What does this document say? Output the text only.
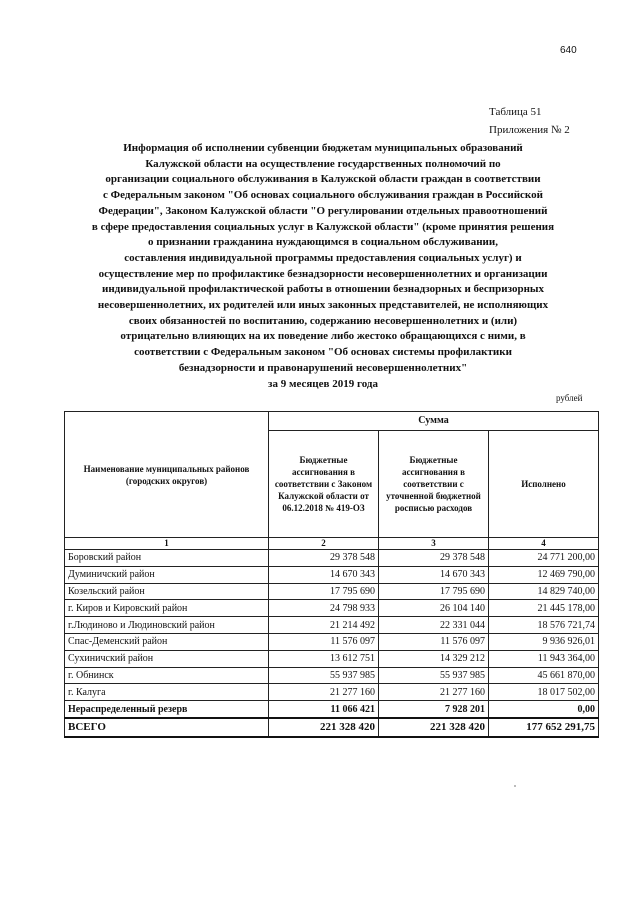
640
Таблица 51
Приложения № 2
Информация об исполнении субвенции бюджетам муниципальных образований
Калужской области на осуществление государственных полномочий по
организации социального обслуживания в Калужской области граждан в соответствии
с Федеральным законом "Об основах социального обслуживания граждан в Российской
Федерации", Законом Калужской области "О регулировании отдельных правоотношений
в сфере предоставления социальных услуг в Калужской области" (кроме принятия решения
о признании гражданина нуждающимся в социальном обслуживании,
составления индивидуальной программы предоставления социальных услуг) и
осуществление мер по профилактике безнадзорности несовершеннолетних и организации
индивидуальной профилактической работы в отношении безнадзорных и беспризорных
несовершеннолетних, их родителей или иных законных представителей, не исполняющих
своих обязанностей по воспитанию, содержанию несовершеннолетних и (или)
отрицательно влияющих на их поведение либо жестоко обращающихся с ними, в
соответствии с Федеральным законом "Об основах системы профилактики
безнадзорности и правонарушений несовершеннолетних"
за 9 месяцев 2019 года
рублей
Наименование муниципальных районов (городских округов)	Сумма		
	Бюджетные ассигнования в соответствии с Законом Калужской области от 06.12.2018 № 419-ОЗ	Бюджетные ассигнования в соответствии с уточненной бюджетной росписью расходов	Исполнено
1	2	3	4
Боровский район	29 378 548	29 378 548	24 771 200,00
Думиничский район	14 670 343	14 670 343	12 469 790,00
Козельский район	17 795 690	17 795 690	14 829 740,00
г. Киров и Кировский район	24 798 933	26 104 140	21 445 178,00
г.Людиново и Людиновский район	21 214 492	22 331 044	18 576 721,74
Спас-Деменский район	11 576 097	11 576 097	9 936 926,01
Сухиничский район	13 612 751	14 329 212	11 943 364,00
г. Обнинск	55 937 985	55 937 985	45 661 870,00
г. Калуга	21 277 160	21 277 160	18 017 502,00
Нераспределенный резерв	11 066 421	7 928 201	0,00
ВСЕГО	221 328 420	221 328 420	177 652 291,75
